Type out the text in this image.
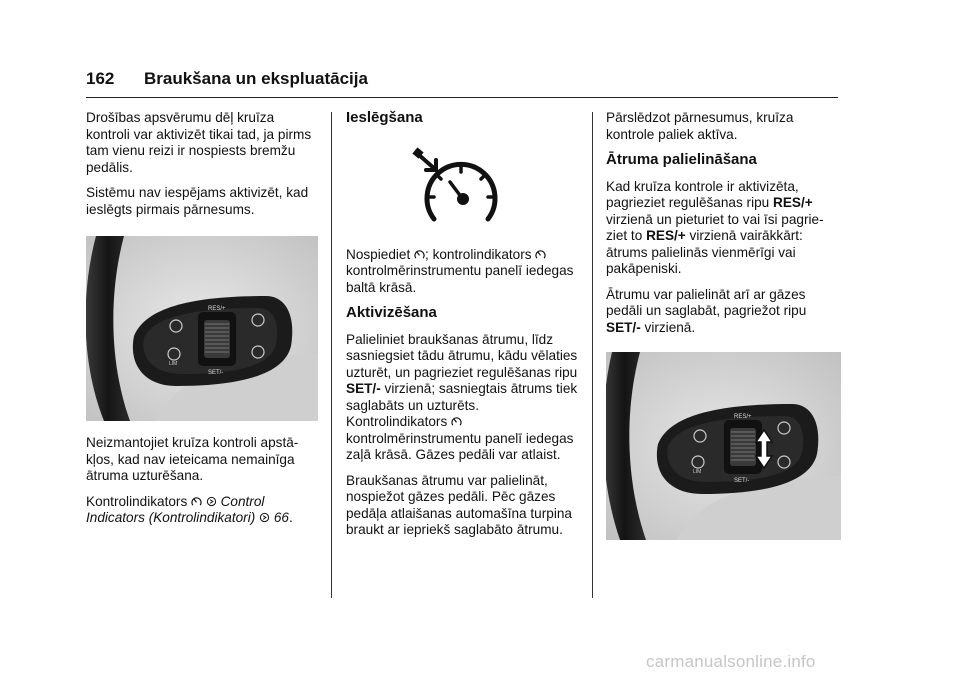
162 Braukšana un ekspluatācija

Drošības apsvērumu dēļ kruīza kontroli var aktivizēt tikai tad, ja pirms tam vienu reizi ir nospiests bremžu pedālis.

Sistēmu nav iespējams aktivizēt, kad ieslēgts pirmais pārnesums.

RES/+
SET/-
LIM

Neizmantojiet kruīza kontroli apstā-kļos, kad nav ieteicama nemainīga ātruma uzturēšana.

Kontrolindikators Control Indicators (Kontrolindikatori) 66.

Ieslēgšana

Nospiediet ; kontrolindikators  kontrolmērinstrumentu panelī iedegas baltā krāsā.

Aktivizēšana

Palieliniet braukšanas ātrumu, līdz sasniegsiet tādu ātrumu, kādu vēlaties uzturēt, un pagrieziet regulēšanas ripu SET/- virzienā; sasniegtais ātrums tiek saglabāts un uzturēts. Kontrolindikators  kontrolmērinstrumentu panelī iedegas zaļā krāsā. Gāzes pedāli var atlaist.

Braukšanas ātrumu var palielināt, nospiežot gāzes pedāli. Pēc gāzes pedāļa atlaišanas automašīna turpina braukt ar iepriekš saglabāto ātrumu.

Pārslēdzot pārnesumus, kruīza kontrole paliek aktīva.

Ātruma palielināšana

Kad kruīza kontrole ir aktivizēta, pagrieziet regulēšanas ripu RES/+ virzienā un pieturiet to vai īsi pagrie-ziet to RES/+ virzienā vairākkārt: ātrums palielinās vienmērīgi vai pakāpeniski.

Ātrumu var palielināt arī ar gāzes pedāli un saglabāt, pagriežot ripu SET/- virzienā.

RES/+
SET/-
LIM
carmanualsonline.info
